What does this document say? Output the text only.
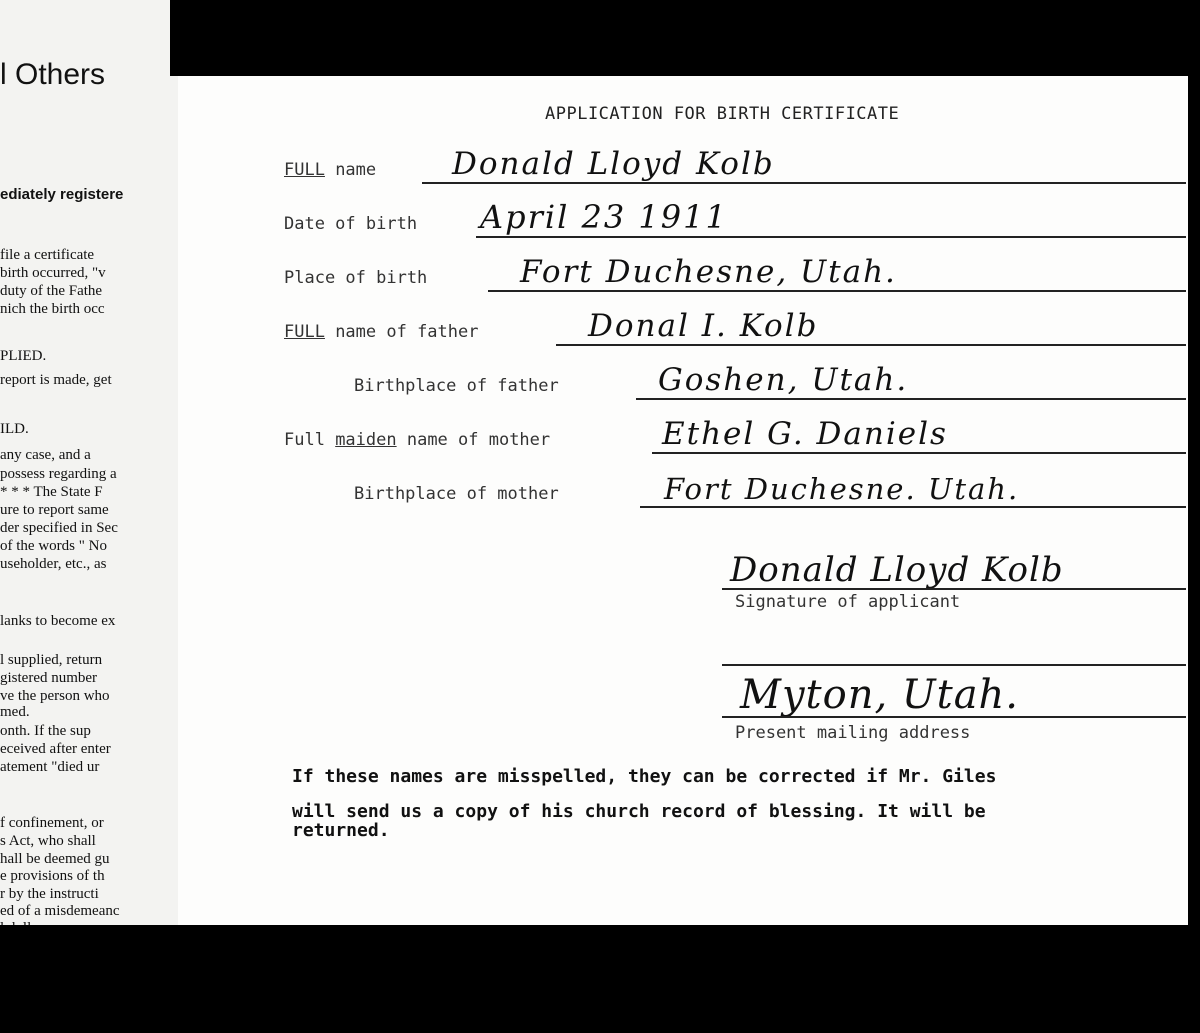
l Others
ediately registere
file a certificate
birth occurred, "v
duty of the Fathe
nich the birth occ
PLIED.
report is made, get
ILD.
any case, and a
possess regarding a
* * * The State F
ure to report same
der specified in Sec
of the words " No
useholder, etc., as
lanks to become ex
l supplied, return
gistered number
ve the person who
med.
onth. If the sup
eceived after enter
atement "died ur
f confinement, or
s Act, who shall
hall be deemed gu
e provisions of th
r by the instructi
ed of a misdemeanc
APPLICATION FOR BIRTH CERTIFICATE
FULL name Donald Lloyd Kolb
Date of birth April 23 1911
Place of birth	Fort Duchesne, Utah.
FULL name of father	Donal I. Kolb
Birthplace of father	Goshen, Utah.
Full maiden name of mother	Ethel G. Daniels
Birthplace of mother	Fort Duchesne. Utah.
Donald Lloyd Kolb
Signature of applicant
Myton, Utah.
Present mailing address
If these names are misspelled, they can be corrected if Mr. Giles
will send us a copy of his church record of blessing. It will be
returned.
